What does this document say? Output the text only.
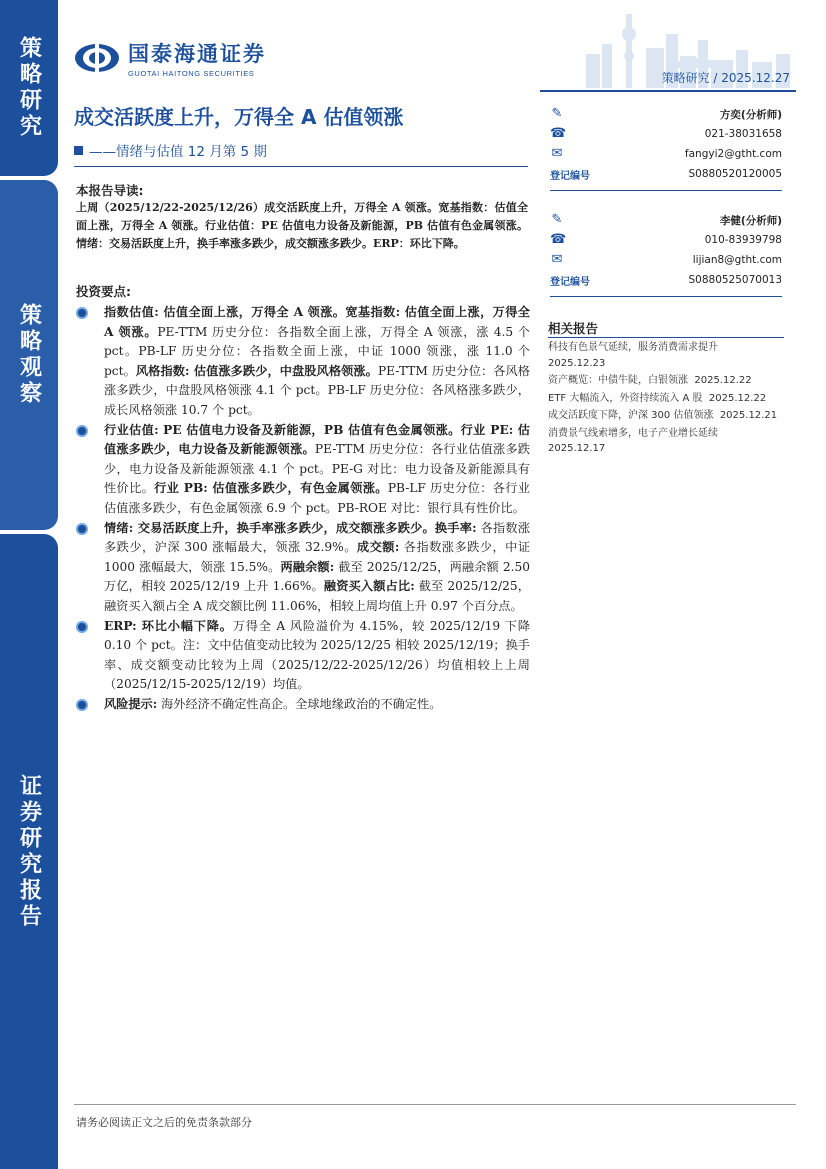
策略研究
策略观察
证券研究报告
国泰海通证券
GUOTAI HAITONG SECURITIES	策略研究 / 2025.12.27
成交活跃度上升，万得全 A 估值领涨
——情绪与估值 12 月第 5 期
本报告导读:
上周（2025/12/22-2025/12/26）成交活跃度上升，万得全 A 领涨。宽基指数：估值全面上涨，万得全 A 领涨。行业估值：PE 估值电力设备及新能源，PB 估值有色金属领涨。情绪：交易活跃度上升，换手率涨多跌少，成交额涨多跌少。ERP：环比下降。
投资要点:
指数估值: 估值全面上涨，万得全 A 领涨。宽基指数: 估值全面上涨，万得全 A 领涨。PE-TTM 历史分位：各指数全面上涨，万得全 A 领涨，涨 4.5 个 pct。PB-LF 历史分位：各指数全面上涨，中证 1000 领涨，涨 11.0 个 pct。风格指数: 估值涨多跌少，中盘股风格领涨。PE-TTM 历史分位：各风格涨多跌少，中盘股风格领涨 4.1 个 pct。PB-LF 历史分位：各风格涨多跌少，成长风格领涨 10.7 个 pct。
行业估值: PE 估值电力设备及新能源，PB 估值有色金属领涨。行业 PE: 估值涨多跌少，电力设备及新能源领涨。PE-TTM 历史分位：各行业估值涨多跌少，电力设备及新能源领涨 4.1 个 pct。PE-G 对比：电力设备及新能源具有性价比。行业 PB: 估值涨多跌少，有色金属领涨。PB-LF 历史分位：各行业估值涨多跌少，有色金属领涨 6.9 个 pct。PB-ROE 对比：银行具有性价比。
情绪: 交易活跃度上升，换手率涨多跌少，成交额涨多跌少。换手率: 各指数涨多跌少，沪深 300 涨幅最大，领涨 32.9%。成交额: 各指数涨多跌少，中证 1000 涨幅最大，领涨 15.5%。两融余额: 截至 2025/12/25，两融余额 2.50 万亿，相较 2025/12/19 上升 1.66%。融资买入额占比: 截至 2025/12/25，融资买入额占全 A 成交额比例 11.06%，相较上周均值上升 0.97 个百分点。
ERP: 环比小幅下降。万得全 A 风险溢价为 4.15%，较 2025/12/19 下降 0.10 个 pct。注：文中估值变动比较为 2025/12/25 相较 2025/12/19；换手率、成交额变动比较为上周（2025/12/22-2025/12/26）均值相较上上周（2025/12/15-2025/12/19）均值。
风险提示: 海外经济不确定性高企。全球地缘政治的不确定性。
✎	方奕(分析师)
☎	021-38031658
✉	fangyi2@gtht.com
登记编号	S0880520120005
✎	李健(分析师)
☎	010-83939798
✉	lijian8@gtht.com
登记编号	S0880525070013
相关报告
科技有色景气延续，服务消费需求提升
2025.12.23
资产概览：中债牛陡，白银领涨 2025.12.22
ETF 大幅流入，外资持续流入 A 股 2025.12.22
成交活跃度下降，沪深 300 估值领涨 2025.12.21
消费景气线索增多，电子产业增长延续
2025.12.17
请务必阅读正文之后的免责条款部分
